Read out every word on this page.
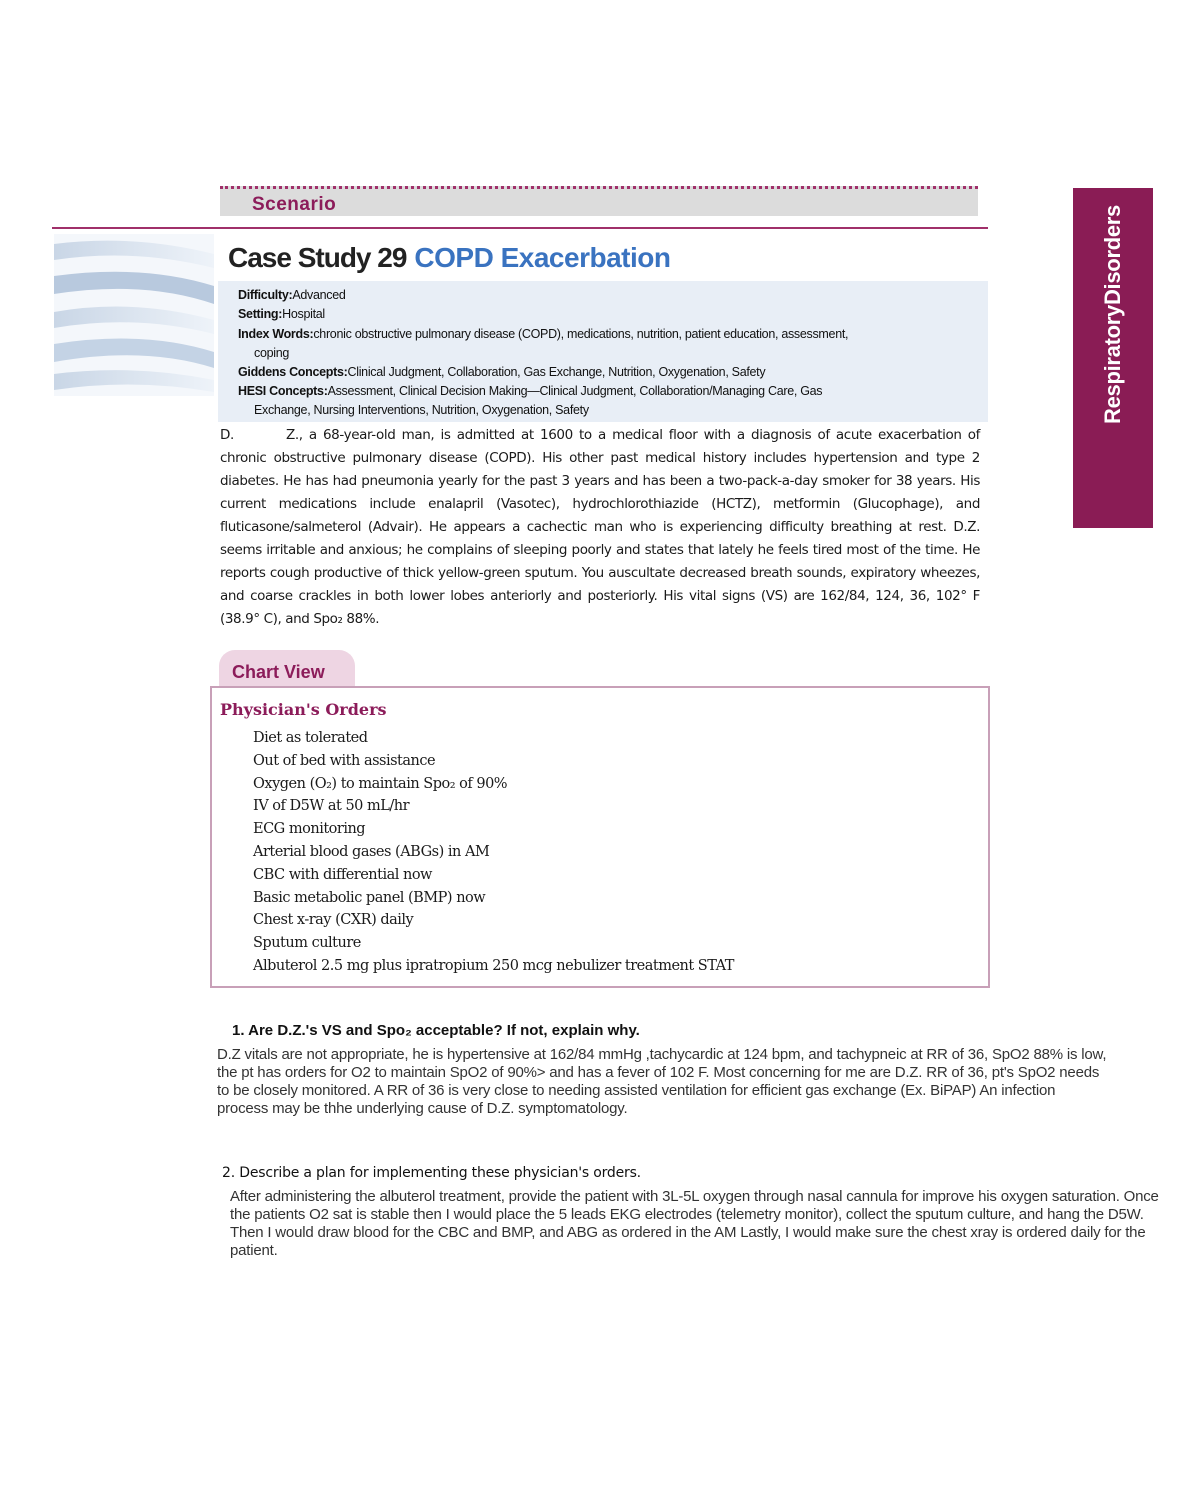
Scenario
Case Study 29 COPD Exacerbation
Difficulty:Advanced
Setting:Hospital
Index Words:chronic obstructive pulmonary disease (COPD), medications, nutrition, patient education, assessment,
coping
Giddens Concepts:Clinical Judgment, Collaboration, Gas Exchange, Nutrition, Oxygenation, Safety
HESI Concepts:Assessment, Clinical Decision Making—Clinical Judgment, Collaboration/Managing Care, Gas
Exchange, Nursing Interventions, Nutrition, Oxygenation, Safety	RespiratoryDisorders
D.	Z., a 68-year-old man, is admitted at 1600 to a medical floor with a diagnosis of acute exacerbation of chronic obstructive pulmonary disease (COPD). His other past medical history includes hypertension and type 2 diabetes. He has had pneumonia yearly for the past 3 years and has been a two-pack-a-day smoker for 38 years. His current medications include enalapril (Vasotec), hydrochlorothiazide (HCTZ), metformin (Glucophage), and fluticasone/salmeterol (Advair). He appears a cachectic man who is experiencing difficulty breathing at rest. D.Z. seems irritable and anxious; he complains of sleeping poorly and states that lately he feels tired most of the time. He reports cough productive of thick yellow-green sputum. You auscultate decreased breath sounds, expiratory wheezes, and coarse crackles in both lower lobes anteriorly and posteriorly. His vital signs (VS) are 162/84, 124, 36, 102° F (38.9° C), and Spo₂ 88%.
Chart View
Physician's Orders
Diet as tolerated
Out of bed with assistance
Oxygen (O₂) to maintain Spo₂ of 90%
IV of D5W at 50 mL/hr
ECG monitoring
Arterial blood gases (ABGs) in AM
CBC with differential now
Basic metabolic panel (BMP) now
Chest x-ray (CXR) daily
Sputum culture
Albuterol 2.5 mg plus ipratropium 250 mcg nebulizer treatment STAT
1. Are D.Z.'s VS and Spo₂ acceptable? If not, explain why.
D.Z vitals are not appropriate, he is hypertensive at 162/84 mmHg ,tachycardic at 124 bpm, and tachypneic at RR of 36, SpO2 88% is low, the pt has orders for O2 to maintain SpO2 of 90%> and has a fever of 102 F. Most concerning for me are D.Z. RR of 36, pt's SpO2 needs to be closely monitored. A RR of 36 is very close to needing assisted ventilation for efficient gas exchange (Ex. BiPAP) An infection process may be thhe underlying cause of D.Z. symptomatology.
2. Describe a plan for implementing these physician's orders.
After administering the albuterol treatment, provide the patient with 3L-5L oxygen through nasal cannula for improve his oxygen saturation. Once the patients O2 sat is stable then I would place the 5 leads EKG electrodes (telemetry monitor), collect the sputum culture, and hang the D5W. Then I would draw blood for the CBC and BMP, and ABG as ordered in the AM Lastly, I would make sure the chest xray is ordered daily for the patient.
